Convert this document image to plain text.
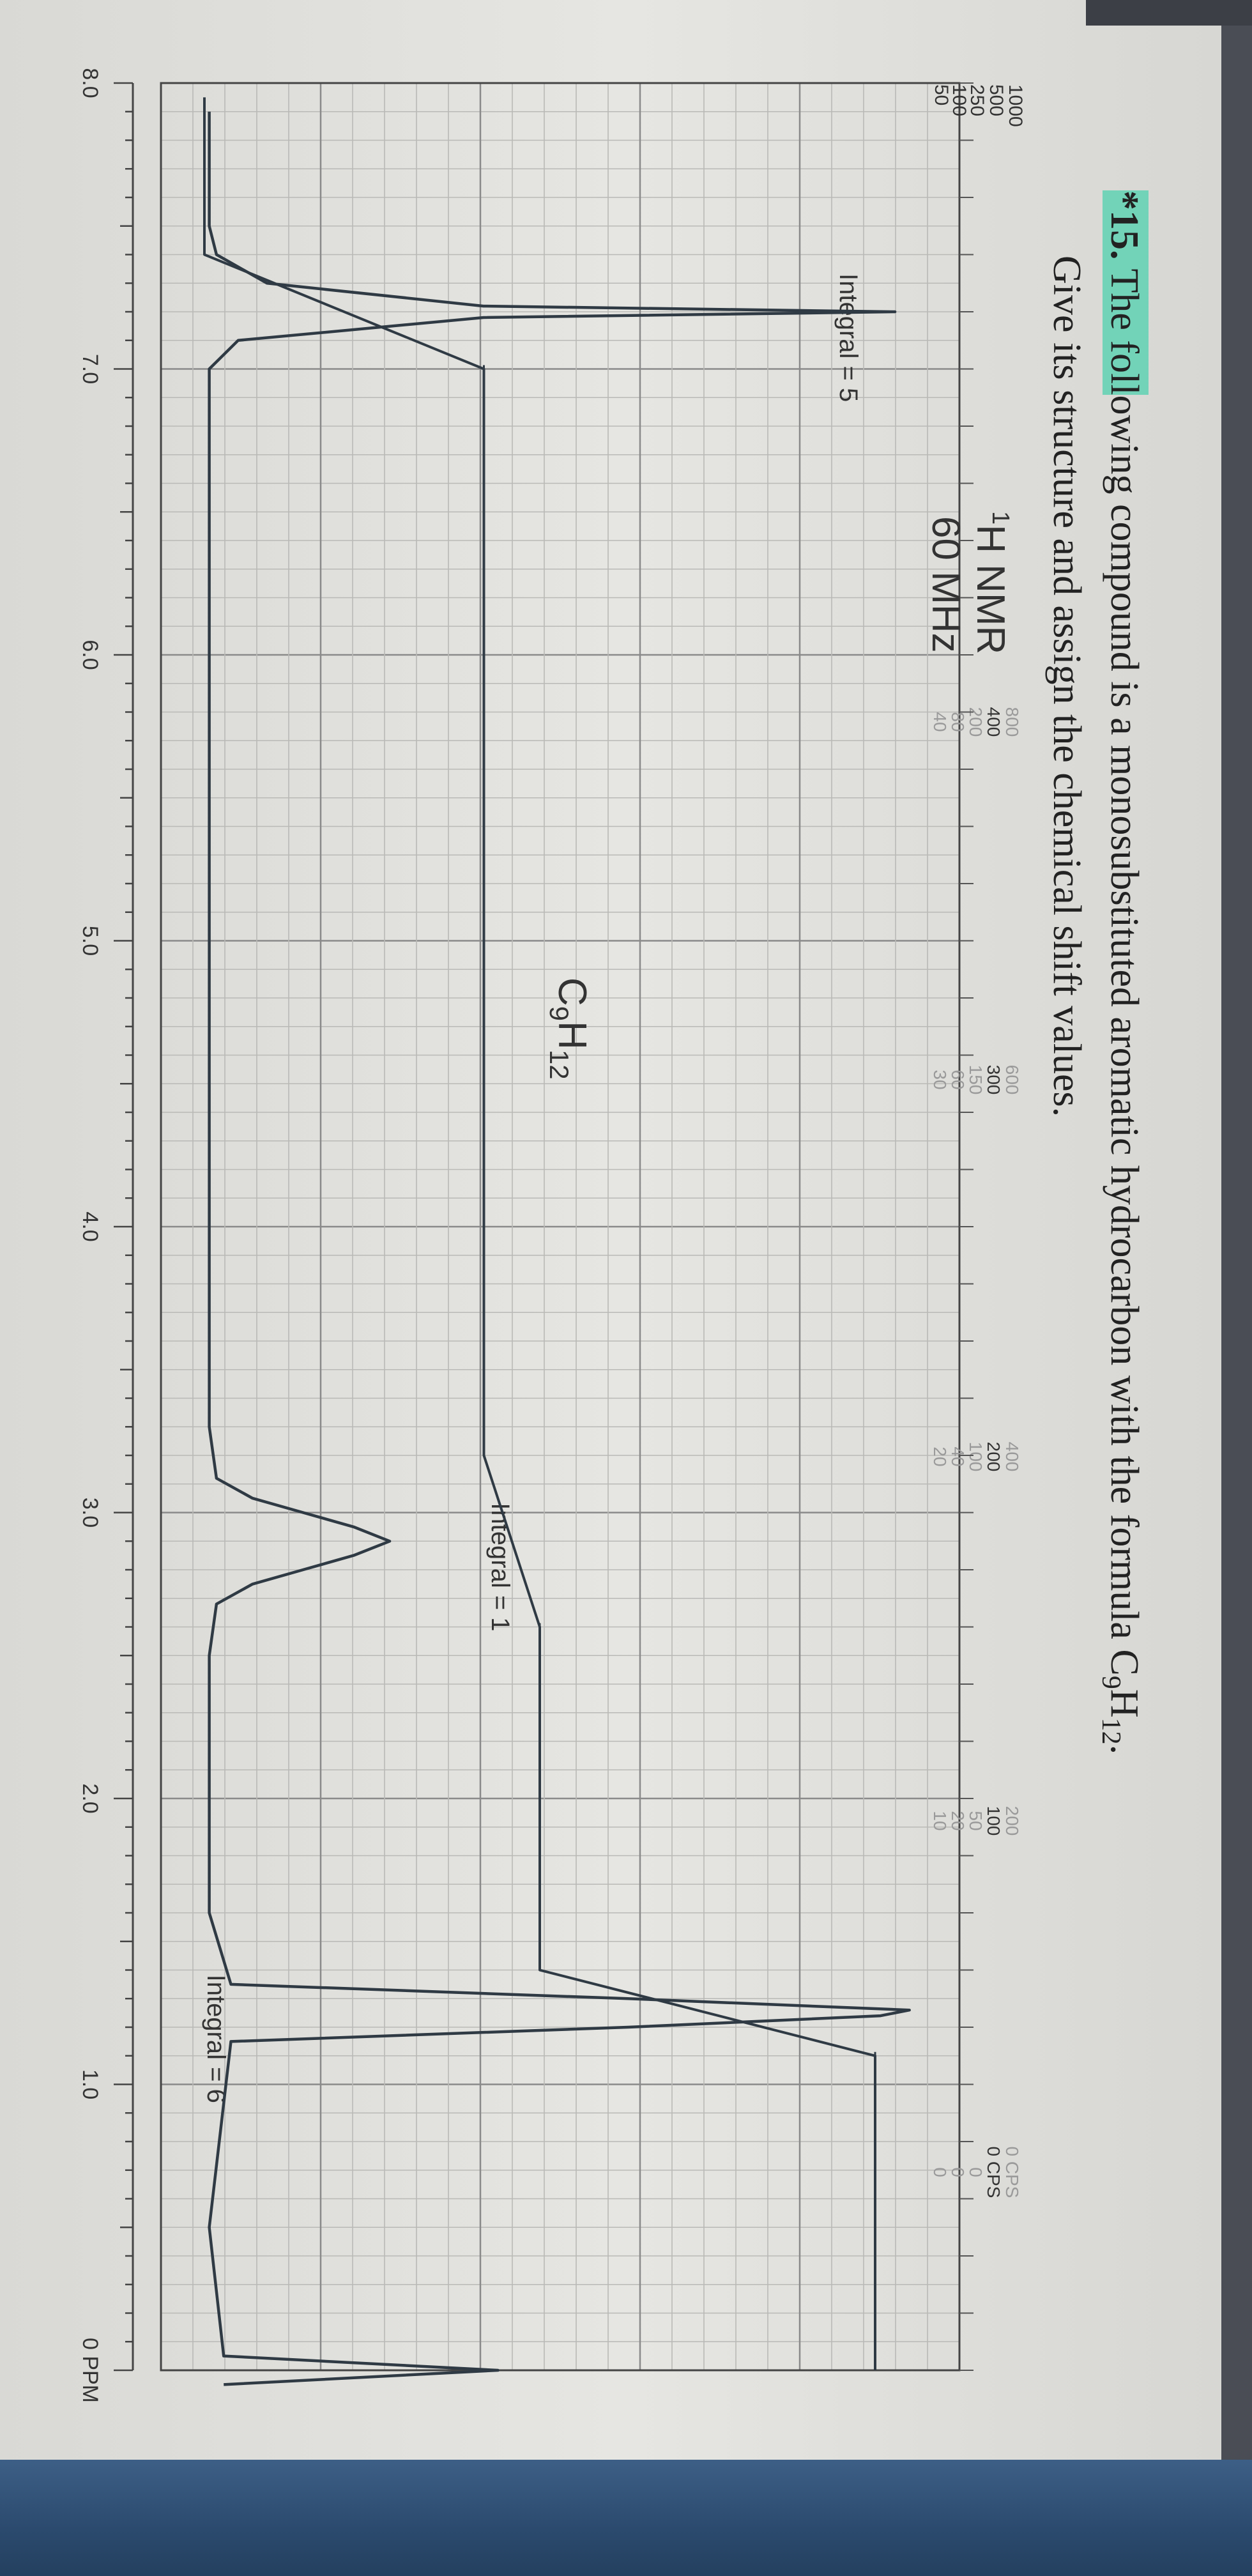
*15.The following compound is a monosubstituted aromatic hydrocarbon with the formula $C_9H_{12}$.
Give its structure and assign the chemical shift values.
1000
500
250
100
50
800
400
200
80
40
600
300
150
60
30
400
200
100
40
20
200
100
50
20
10
0 CPS
0 CPS
0
0
0
$^1$H NMR
60 MHz
$C_9H_{12}$
Integral = 5
Integral = 1
Integral = 6
8.0
7.0
6.0
5.0
4.0
3.0
2.0
1.0
0 PPM
